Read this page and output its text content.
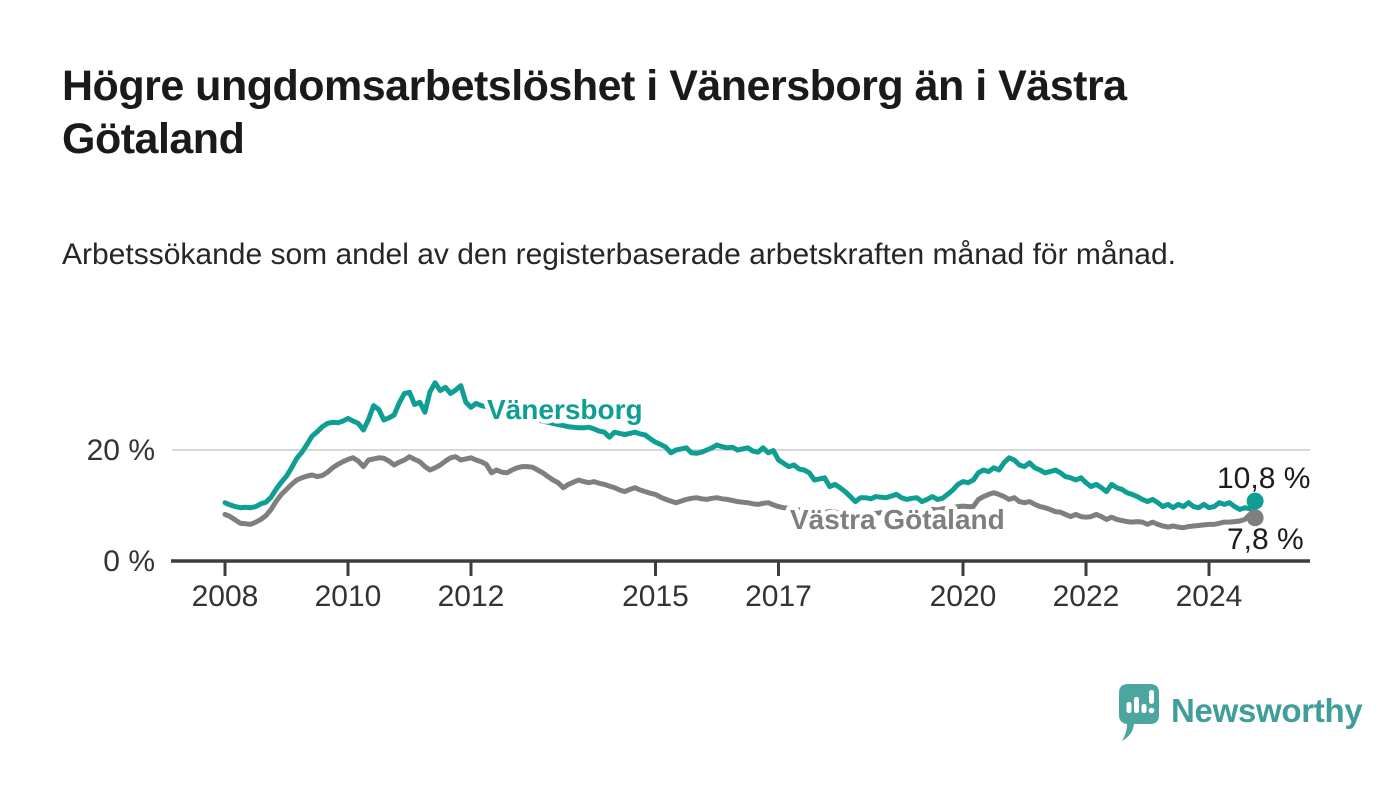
Högre ungdomsarbetslöshet i Vänersborg än i Västra Götaland

Arbetssökande som andel av den registerbaserade arbetskraften månad för månad.

20 %
0 %
Vänersborg
Västra Götaland
10,8 %
7,8 %
2008 2010 2012	2015 2017	2020 2022 2024
Newsworthy
